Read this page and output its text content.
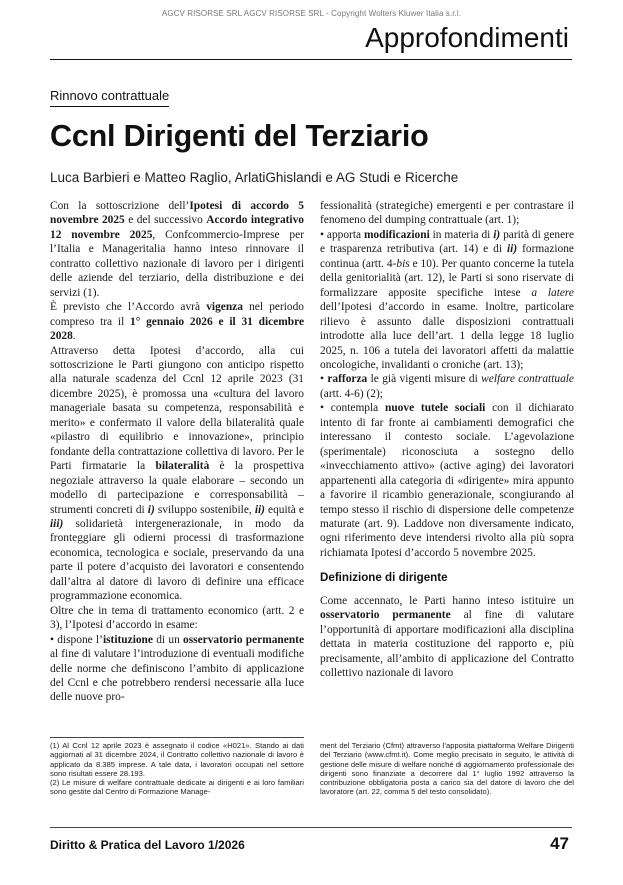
AGCV RISORSE SRL AGCV RISORSE SRL - Copyright Wolters Kluwer Italia s.r.l.
Approfondimenti
Rinnovo contrattuale
Ccnl Dirigenti del Terziario
Luca Barbieri e Matteo Raglio, ArlatiGhislandi e AG Studi e Ricerche

Con la sottoscrizione dell’Ipotesi di accordo 5 novembre 2025 e del successivo Accordo integrativo 12 novembre 2025, Confcommercio-Imprese per l’Italia e Manageritalia hanno inteso rinnovare il contratto collettivo nazionale di lavoro per i dirigenti delle aziende del terziario, della distribuzione e dei servizi (1).

È previsto che l’Accordo avrà vigenza nel periodo compreso tra il 1° gennaio 2026 e il 31 dicembre 2028.

Attraverso detta Ipotesi d’accordo, alla cui sottoscrizione le Parti giungono con anticipo rispetto alla naturale scadenza del Ccnl 12 aprile 2023 (31 dicembre 2025), è promossa una «cultura del lavoro manageriale basata su competenza, responsabilità e merito» e confermato il valore della bilateralità quale «pilastro di equilibrio e innovazione», principio fondante della contrattazione collettiva di lavoro. Per le Parti firmatarie la bilateralità è la prospettiva negoziale attraverso la quale elaborare – secondo un modello di partecipazione e corresponsabilità – strumenti concreti di i) sviluppo sostenibile, ii) equità e iii) solidarietà intergenerazionale, in modo da fronteggiare gli odierni processi di trasformazione economica, tecnologica e sociale, preservando da una parte il potere d’acquisto dei lavoratori e consentendo dall’altra al datore di lavoro di definire una efficace programmazione economica.

Oltre che in tema di trattamento economico (artt. 2 e 3), l’Ipotesi d’accordo in esame:

• dispone l’istituzione di un osservatorio permanente al fine di valutare l’introduzione di eventuali modifiche delle norme che definiscono l’ambito di applicazione del Ccnl e che potrebbero rendersi necessarie alla luce delle nuove pro-

fessionalità (strategiche) emergenti e per contrastare il fenomeno del dumping contrattuale (art. 1);

• apporta modificazioni in materia di i) parità di genere e trasparenza retributiva (art. 14) e di ii) formazione continua (artt. 4-bis e 10). Per quanto concerne la tutela della genitorialità (art. 12), le Parti si sono riservate di formalizzare apposite specifiche intese a latere dell’Ipotesi d’accordo in esame. Inoltre, particolare rilievo è assunto dalle disposizioni contrattuali introdotte alla luce dell’art. 1 della legge 18 luglio 2025, n. 106 a tutela dei lavoratori affetti da malattie oncologiche, invalidanti o croniche (art. 13);

• rafforza le già vigenti misure di welfare contrattuale (artt. 4-6) (2);

• contempla nuove tutele sociali con il dichiarato intento di far fronte ai cambiamenti demografici che interessano il contesto sociale. L’agevolazione (sperimentale) riconosciuta a sostegno dello «invecchiamento attivo» (active aging) dei lavoratori appartenenti alla categoria di «dirigente» mira appunto a favorire il ricambio generazionale, scongiurando al tempo stesso il rischio di dispersione delle competenze maturate (art. 9). Laddove non diversamente indicato, ogni riferimento deve intendersi rivolto alla più sopra richiamata Ipotesi d’accordo 5 novembre 2025.

Definizione di dirigente

Come accennato, le Parti hanno inteso istituire un osservatorio permanente al fine di valutare l’opportunità di apportare modificazioni alla disciplina dettata in materia costituzione del rapporto e, più precisamente, all’ambito di applicazione del Contratto collettivo nazionale di lavoro

(1) Al Ccnl 12 aprile 2023 è assegnato il codice «H021». Stando ai dati aggiornati al 31 dicembre 2024, il Contratto collettivo nazionale di lavoro è applicato da 8.385 imprese. A tale data, i lavoratori occupati nel settore sono risultati essere 28.193.

(2) Le misure di welfare contrattuale dedicate ai dirigenti e ai loro familiari sono gestite dal Centro di Formazione Manage-

ment del Terziario (Cfmt) attraverso l’apposita piattaforma Welfare Dirigenti del Terziario (www.cfmt.it). Come meglio precisato in seguito, le attività di gestione delle misure di welfare nonché di aggiornamento professionale dei dirigenti sono finanziate a decorrere dal 1° luglio 1992 attraverso la contribuzione obbligatoria posta a carico sia del datore di lavoro che del lavoratore (art. 22, comma 5 del testo consolidato).

Diritto & Pratica del Lavoro 1/2026	47
